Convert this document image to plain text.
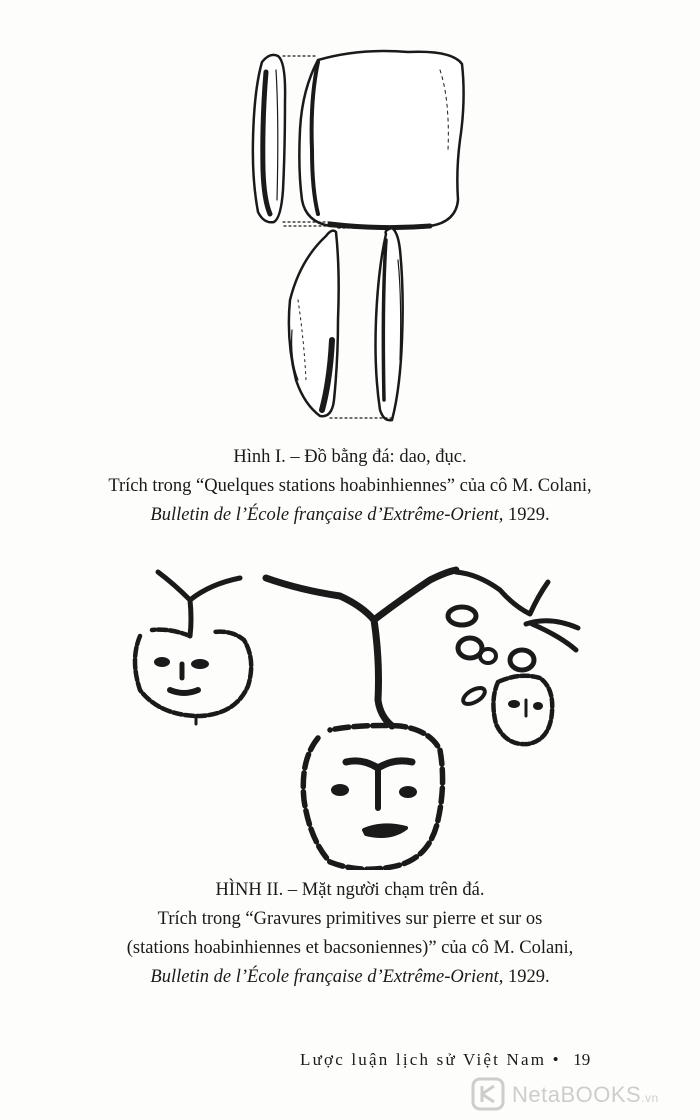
Hình I. – Đồ bằng đá: dao, đục.
Trích trong “Quelques stations hoabinhiennes” của cô M. Colani,
Bulletin de l’École française d’Extrême-Orient, 1929.
HÌNH II. – Mặt người chạm trên đá.
Trích trong “Gravures primitives sur pierre et sur os
(stations hoabinhiennes et bacsoniennes)” của cô M. Colani,
Bulletin de l’École française d’Extrême-Orient, 1929.
Lược luận lịch sử Việt Nam • 19
NetaBOOKS.vn
